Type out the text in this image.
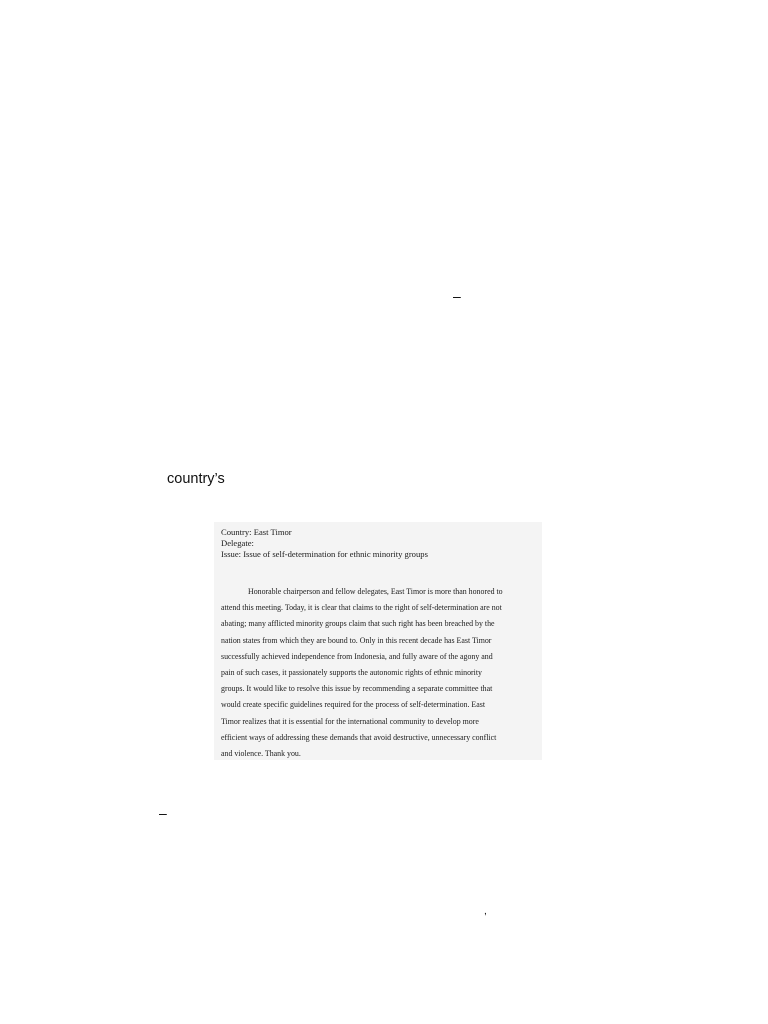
–
country’s
Country: East Timor
Delegate:
Issue: Issue of self-determination for ethnic minority groups
Honorable chairperson and fellow delegates, East Timor is more than honored to
attend this meeting. Today, it is clear that claims to the right of self-determination are not
abating; many afflicted minority groups claim that such right has been breached by the
nation states from which they are bound to. Only in this recent decade has East Timor
successfully achieved independence from Indonesia, and fully aware of the agony and
pain of such cases, it passionately supports the autonomic rights of ethnic minority
groups. It would like to resolve this issue by recommending a separate committee that
would create specific guidelines required for the process of self-determination. East
Timor realizes that it is essential for the international community to develop more
efficient ways of addressing these demands that avoid destructive, unnecessary conflict
and violence. Thank you.
–
,
